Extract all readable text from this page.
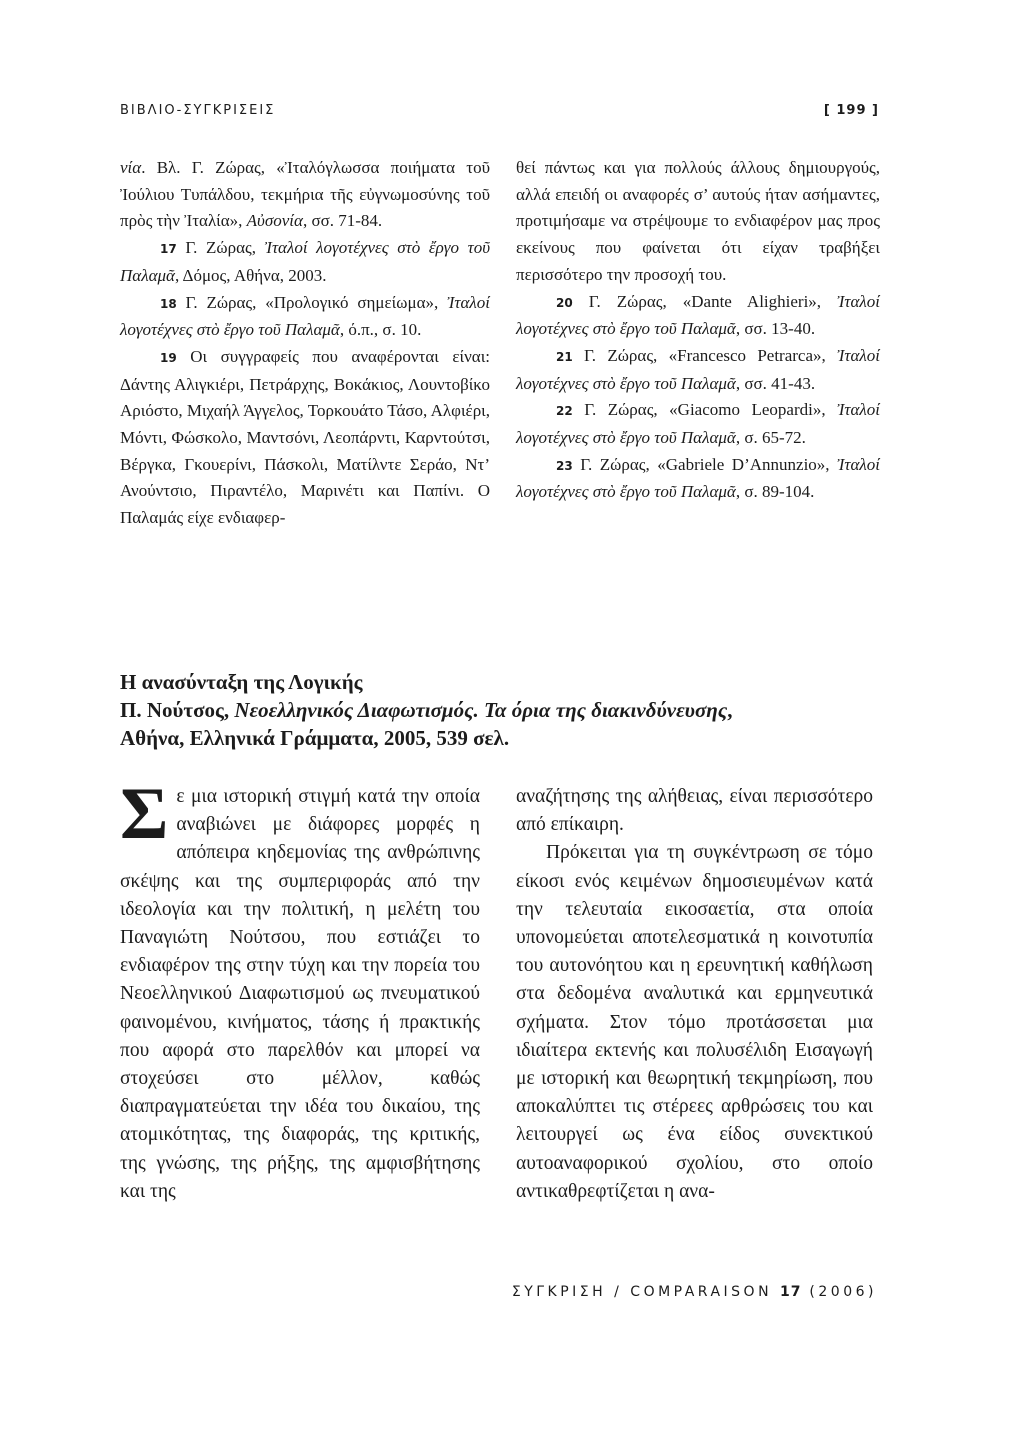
ΒΙΒΛΙΟ-ΣΥΓΚΡΙΣΕΙΣ	[ 199 ]

νία. Βλ. Γ. Ζώρας, «Ἰταλόγλωσσα ποιήματα τοῦ Ἰούλιου Τυπάλδου, τεκμήρια τῆς εὐγνωμοσύνης τοῦ πρὸς τὴν Ἰταλία», Αὐσονία, σσ. 71-84.

17 Γ. Ζώρας, Ἰταλοί λογοτέχνες στὸ ἔργο τοῦ Παλαμᾶ, Δόμος, Αθήνα, 2003.

18 Γ. Ζώρας, «Προλογικό σημείωμα», Ἰταλοί λογοτέχνες στὸ ἔργο τοῦ Παλαμᾶ, ό.π., σ. 10.

19 Οι συγγραφείς που αναφέρονται είναι: Δάντης Αλιγκιέρι, Πετράρχης, Βοκάκιος, Λουντοβίκο Αριόστο, Μιχαήλ Άγγελος, Τορκουάτο Τάσο, Αλφιέρι, Μόντι, Φώσκολο, Μαντσόνι, Λεοπάρντι, Καρντούτσι, Βέργκα, Γκουερίνι, Πάσκολι, Ματίλντε Σεράο, Ντ’ Ανούντσιο, Πιραντέλο, Μαρινέτι και Παπίνι. Ο Παλαμάς είχε ενδιαφερ-

θεί πάντως και για πολλούς άλλους δημιουργούς, αλλά επειδή οι αναφορές σ’ αυτούς ήταν ασήμαντες, προτιμήσαμε να στρέψουμε το ενδιαφέρον μας προς εκείνους που φαίνεται ότι είχαν τραβήξει περισσότερο την προσοχή του.

20 Γ. Ζώρας, «Dante Alighieri», Ἰταλοί λογοτέχνες στὸ ἔργο τοῦ Παλαμᾶ, σσ. 13-40.

21 Γ. Ζώρας, «Francesco Petrarca», Ἰταλοί λογοτέχνες στὸ ἔργο τοῦ Παλαμᾶ, σσ. 41-43.

22 Γ. Ζώρας, «Giacomo Leopardi», Ἰταλοί λογοτέχνες στὸ ἔργο τοῦ Παλαμᾶ, σ. 65-72.

23 Γ. Ζώρας, «Gabriele D’Annunzio», Ἰταλοί λογοτέχνες στὸ ἔργο τοῦ Παλαμᾶ, σ. 89-104.

Η ανασύνταξη της Λογικής
Π. Νούτσος, Νεοελληνικός Διαφωτισμός. Τα όρια της διακινδύνευσης,
Αθήνα, Ελληνικά Γράμματα, 2005, 539 σελ.

Σε μια ιστορική στιγμή κατά την οποία αναβιώνει με διάφορες μορφές η απόπειρα κηδεμονίας της ανθρώπινης σκέψης και της συμπεριφοράς από την ιδεολογία και την πολιτική, η μελέτη του Παναγιώτη Νούτσου, που εστιάζει το ενδιαφέρον της στην τύχη και την πορεία του Νεοελληνικού Διαφωτισμού ως πνευματικού φαινομένου, κινήματος, τάσης ή πρακτικής που αφορά στο παρελθόν και μπορεί να στοχεύσει στο μέλλον, καθώς διαπραγματεύεται την ιδέα του δικαίου, της ατομικότητας, της διαφοράς, της κριτικής, της γνώσης, της ρήξης, της αμφισβήτησης και της

αναζήτησης της αλήθειας, είναι περισσότερο από επίκαιρη.

Πρόκειται για τη συγκέντρωση σε τόμο είκοσι ενός κειμένων δημοσιευμένων κατά την τελευταία εικοσαετία, στα οποία υπονομεύεται αποτελεσματικά η κοινοτυπία του αυτονόητου και η ερευνητική καθήλωση στα δεδομένα αναλυτικά και ερμηνευτικά σχήματα. Στον τόμο προτάσσεται μια ιδιαίτερα εκτενής και πολυσέλιδη Εισαγωγή με ιστορική και θεωρητική τεκμηρίωση, που αποκαλύπτει τις στέρεες αρθρώσεις του και λειτουργεί ως ένα είδος συνεκτικού αυτοαναφορικού σχολίου, στο οποίο αντικαθρεφτίζεται η ανα-

ΣΥΓΚΡΙΣΗ / COMPARAISON 17 (2006)
